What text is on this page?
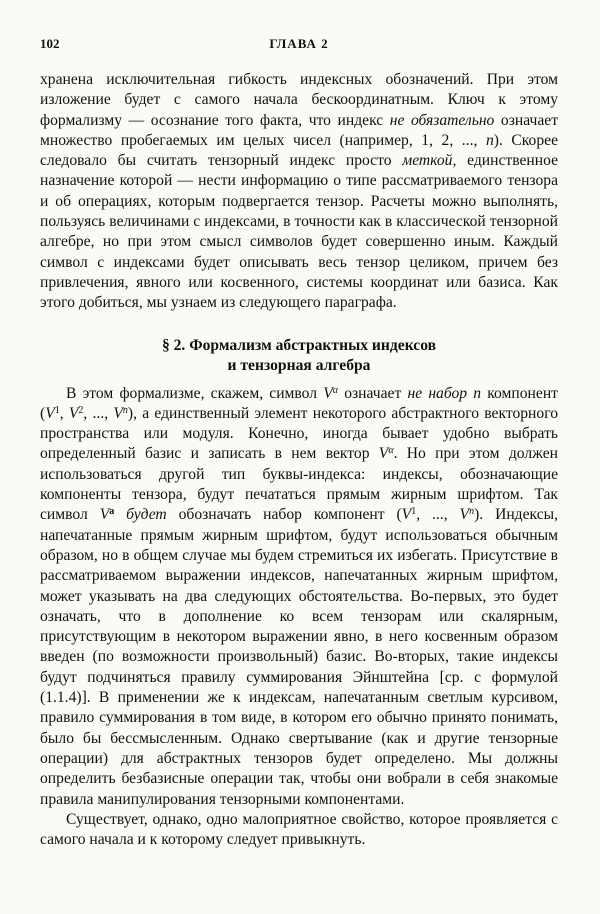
102	ГЛАВА 2

хранена исключительная гибкость индексных обозначений. При этом изложение будет с самого начала бескоординатным. Ключ к этому формализму — осознание того факта, что индекс не обязательно означает множество пробегаемых им целых чисел (например, 1, 2, ..., n). Скорее следовало бы считать тензорный индекс просто меткой, единственное назначение которой — нести информацию о типе рассматриваемого тензора и об операциях, которым подвергается тензор. Расчеты можно выполнять, пользуясь величинами с индексами, в точности как в классической тензорной алгебре, но при этом смысл символов будет совершенно иным. Каждый символ с индексами будет описывать весь тензор целиком, причем без привлечения, явного или косвенного, системы координат или базиса. Как этого добиться, мы узнаем из следующего параграфа.

§ 2. Формализм абстрактных индексов
и тензорная алгебра

В этом формализме, скажем, символ $V^\alpha$ означает не набор n компонент ($V^1$, $V^2$, ..., $V^n$), а единственный элемент некоторого абстрактного векторного пространства или модуля. Конечно, иногда бывает удобно выбрать определенный базис и записать в нем вектор $V^\alpha$. Но при этом должен использоваться другой тип буквы-индекса: индексы, обозначающие компоненты тензора, будут печататься прямым жирным шрифтом. Так символ $V^a$ будет обозначать набор компонент ($V^1$, ..., $V^n$). Индексы, напечатанные прямым жирным шрифтом, будут использоваться обычным образом, но в общем случае мы будем стремиться их избегать. Присутствие в рассматриваемом выражении индексов, напечатанных жирным шрифтом, может указывать на два следующих обстоятельства. Во-первых, это будет означать, что в дополнение ко всем тензорам или скалярным, присутствующим в некотором выражении явно, в него косвенным образом введен (по возможности произвольный) базис. Во-вторых, такие индексы будут подчиняться правилу суммирования Эйнштейна [ср. с формулой (1.1.4)]. В применении же к индексам, напечатанным светлым курсивом, правило суммирования в том виде, в котором его обычно принято понимать, было бы бессмысленным. Однако свертывание (как и другие тензорные операции) для абстрактных тензоров будет определено. Мы должны определить безбазисные операции так, чтобы они вобрали в себя знакомые правила манипулирования тензорными компонентами.

Существует, однако, одно малоприятное свойство, которое проявляется с самого начала и к которому следует привыкнуть.
